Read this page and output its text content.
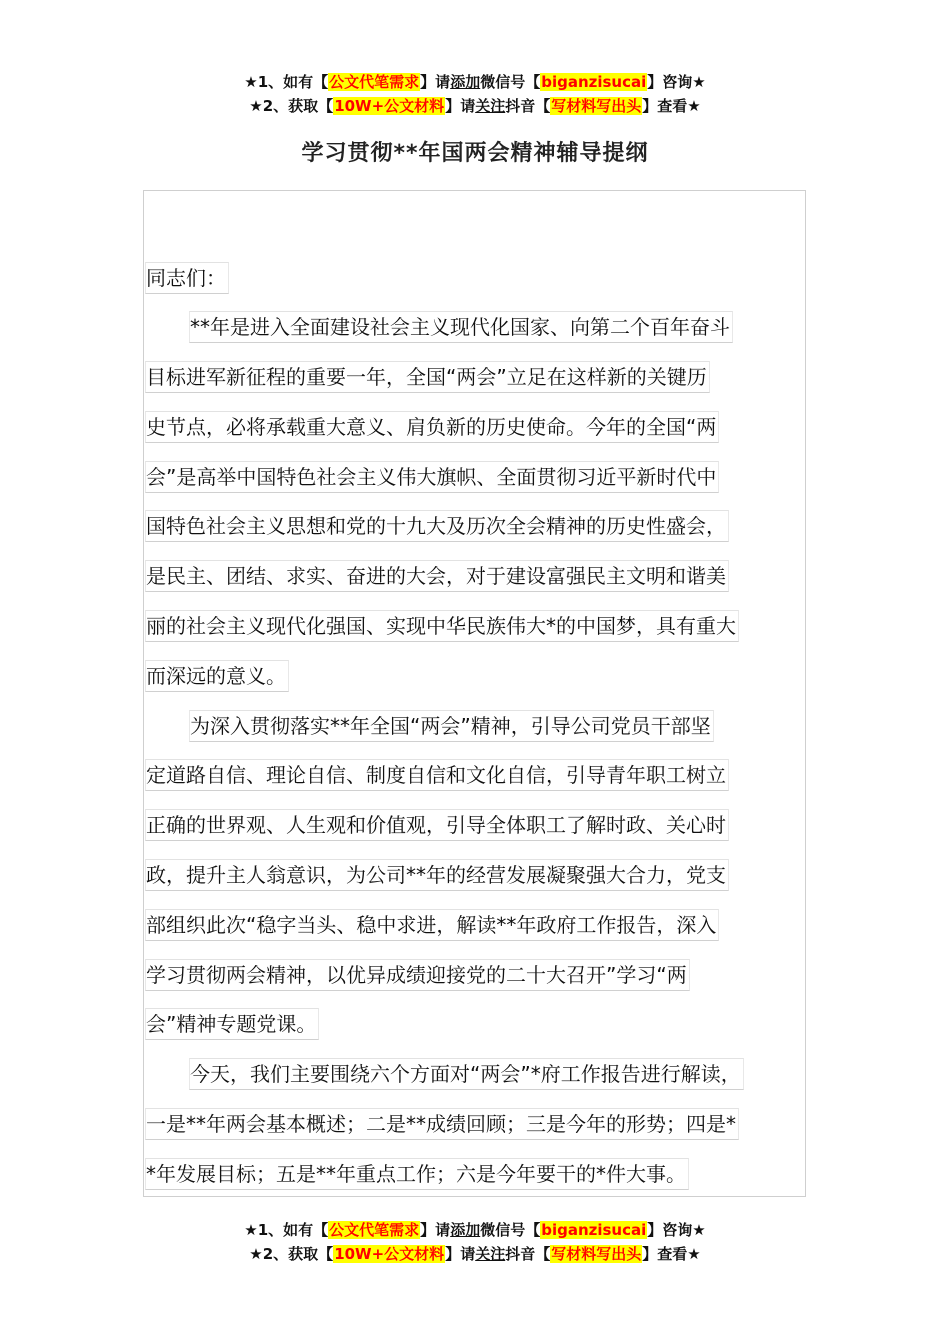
★1、如有【公文代笔需求】请添加微信号【biganzisucai】咨询★
★2、获取【10W+公文材料】请关注抖音【写材料写出头】查看★
学习贯彻**年国两会精神辅导提纲
同志们：
**年是进入全面建设社会主义现代化国家、向第二个百年奋斗
目标进军新征程的重要一年，全国“两会”立足在这样新的关键历
史节点，必将承载重大意义、肩负新的历史使命。今年的全国“两
会”是高举中国特色社会主义伟大旗帜、全面贯彻习近平新时代中
国特色社会主义思想和党的十九大及历次全会精神的历史性盛会，
是民主、团结、求实、奋进的大会，对于建设富强民主文明和谐美
丽的社会主义现代化强国、实现中华民族伟大*的中国梦，具有重大
而深远的意义。
为深入贯彻落实**年全国“两会”精神，引导公司党员干部坚
定道路自信、理论自信、制度自信和文化自信，引导青年职工树立
正确的世界观、人生观和价值观，引导全体职工了解时政、关心时
政，提升主人翁意识，为公司**年的经营发展凝聚强大合力，党支
部组织此次“稳字当头、稳中求进，解读**年政府工作报告，深入
学习贯彻两会精神，以优异成绩迎接党的二十大召开”学习“两
会”精神专题党课。
今天，我们主要围绕六个方面对“两会”*府工作报告进行解读，
一是**年两会基本概述；二是**成绩回顾；三是今年的形势；四是*
*年发展目标；五是**年重点工作；六是今年要干的*件大事。
★1、如有【公文代笔需求】请添加微信号【biganzisucai】咨询★
★2、获取【10W+公文材料】请关注抖音【写材料写出头】查看★
